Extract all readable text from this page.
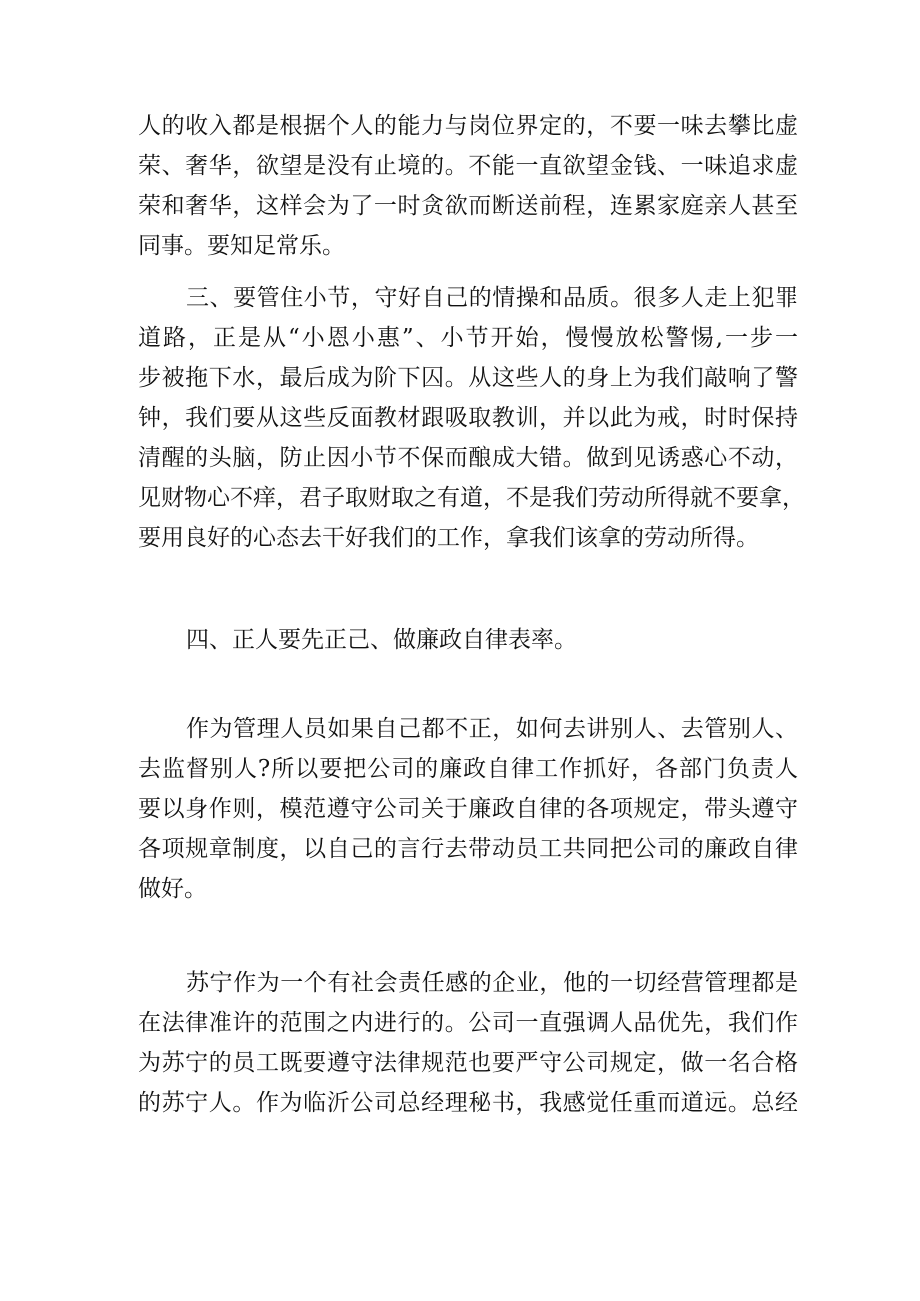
人的收入都是根据个人的能力与岗位界定的，不要一味去攀比虚
荣、奢华，欲望是没有止境的。不能一直欲望金钱、一味追求虚
荣和奢华，这样会为了一时贪欲而断送前程，连累家庭亲人甚至
同事。要知足常乐。
三、要管住小节，守好自己的情操和品质。很多人走上犯罪
道路，正是从“小恩小惠”、小节开始，慢慢放松警惕,一步一
步被拖下水，最后成为阶下囚。从这些人的身上为我们敲响了警
钟，我们要从这些反面教材跟吸取教训，并以此为戒，时时保持
清醒的头脑，防止因小节不保而酿成大错。做到见诱惑心不动，
见财物心不痒，君子取财取之有道，不是我们劳动所得就不要拿，
要用良好的心态去干好我们的工作，拿我们该拿的劳动所得。
四、正人要先正己、做廉政自律表率。
作为管理人员如果自己都不正，如何去讲别人、去管别人、
去监督别人?所以要把公司的廉政自律工作抓好，各部门负责人
要以身作则，模范遵守公司关于廉政自律的各项规定，带头遵守
各项规章制度，以自己的言行去带动员工共同把公司的廉政自律
做好。
苏宁作为一个有社会责任感的企业，他的一切经营管理都是
在法律准许的范围之内进行的。公司一直强调人品优先，我们作
为苏宁的员工既要遵守法律规范也要严守公司规定，做一名合格
的苏宁人。作为临沂公司总经理秘书，我感觉任重而道远。总经
